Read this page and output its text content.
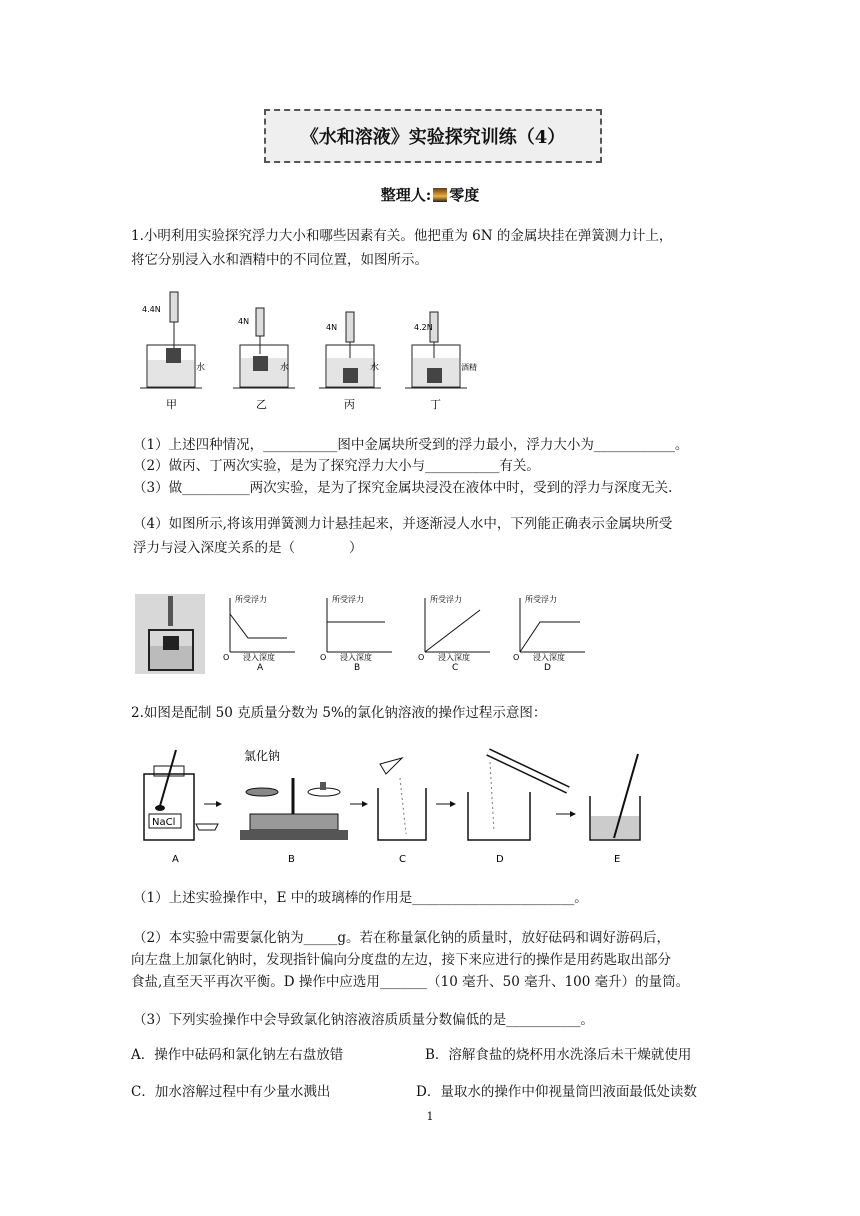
《水和溶液》实验探究训练（4）
整理人: 零度
1.小明利用实验探究浮力大小和哪些因素有关。他把重为 6N 的金属块挂在弹簧测力计上，
将它分别浸入水和酒精中的不同位置，如图所示。
4.4N
水
甲
4N
水
乙
4N
水
丙
4.2N
酒精
丁
（1）上述四种情况，___________图中金属块所受到的浮力最小，浮力大小为____________。
（2）做丙、丁两次实验，是为了探究浮力大小与___________有关。
（3）做__________两次实验，是为了探究金属块浸没在液体中时，受到的浮力与深度无关.
（4）如图所示,将该用弹簧测力计悬挂起来，并逐渐浸人水中，下列能正确表示金属块所受
浮力与浸入深度关系的是（　　　　）
所受浮力
O 浸入深度
A
所受浮力
O 浸入深度
B
所受浮力
O 浸入深度
C
所受浮力
O 浸入深度
D
2.如图是配制 50 克质量分数为 5%的氯化钠溶液的操作过程示意图：
NaCl
A
氯化钠
B	C	D	E
（1）上述实验操作中，E 中的玻璃棒的作用是________________________。
（2）本实验中需要氯化钠为_____g。若在称量氯化钠的质量时，放好砝码和调好游码后，
向左盘上加氯化钠时，发现指针偏向分度盘的左边，接下来应进行的操作是用药匙取出部分
食盐,直至天平再次平衡。D 操作中应选用_______（10 毫升、50 毫升、100 毫升）的量筒。
（3）下列实验操作中会导致氯化钠溶液溶质质量分数偏低的是___________。
A．操作中砝码和氯化钠左右盘放错	B．溶解食盐的烧杯用水洗涤后未干燥就使用
C．加水溶解过程中有少量水溅出	D．量取水的操作中仰视量筒凹液面最低处读数
1
